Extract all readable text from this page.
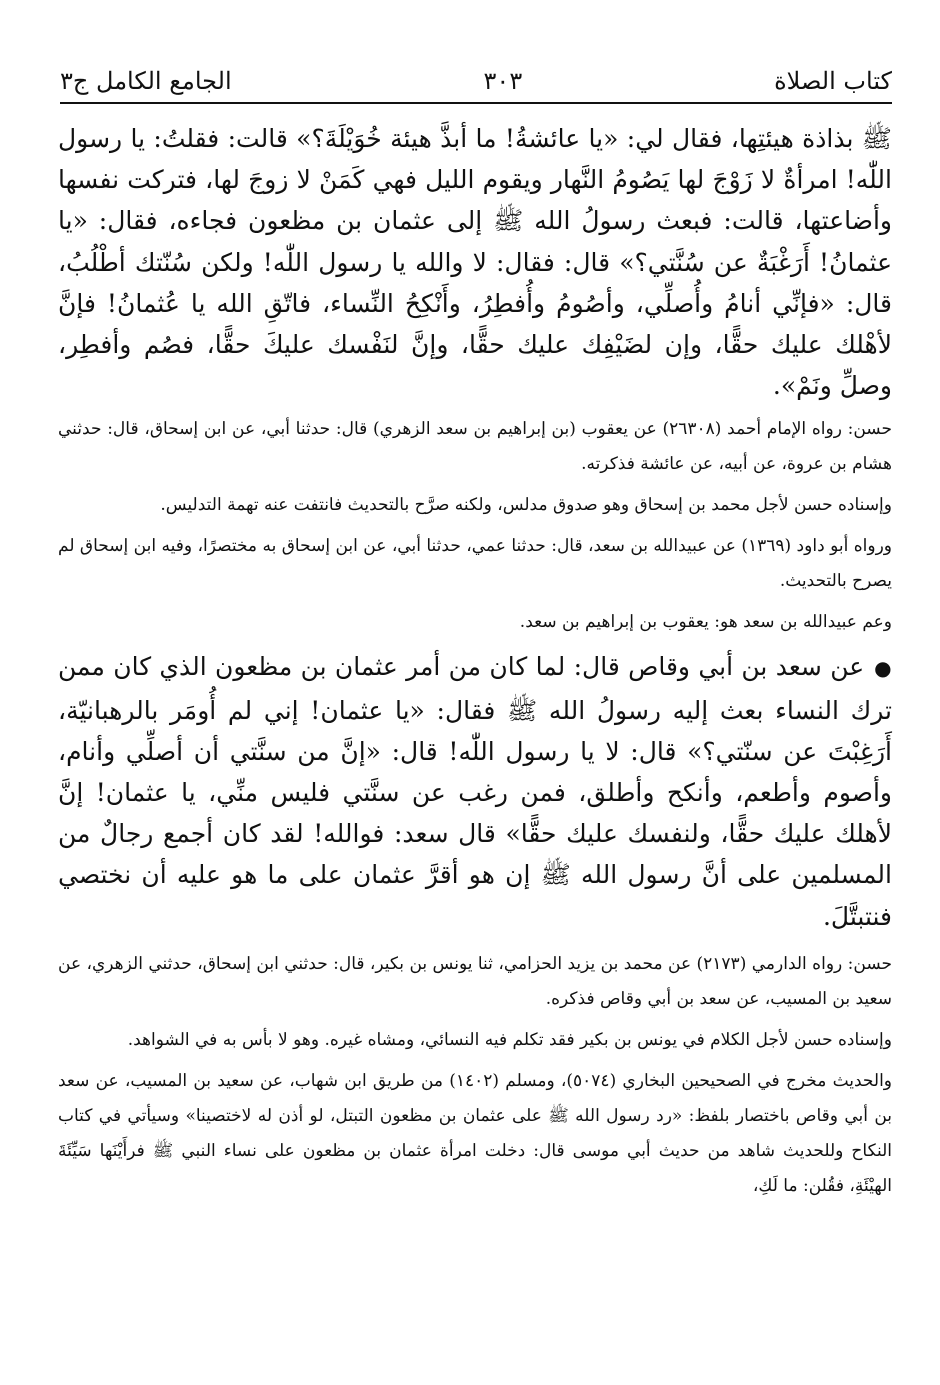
الجامع الكامل ج٣	٣٠٣	كتاب الصلاة

ﷺ بذاذة هيئتِها، فقال لي: «يا عائشةُ! ما أبذَّ هيئة خُوَيْلَةَ؟» قالت: فقلتُ: يا رسول اللّٰه! امرأةٌ لا زَوْجَ لها يَصُومُ النَّهار ويقوم الليل فهي كَمَنْ لا زوجَ لها، فتركت نفسها وأضاعتها، قالت: فبعث رسولُ الله ﷺ إلى عثمان بن مظعون فجاءه، فقال: «يا عثمانُ! أَرَغْبَةٌ عن سُنَّتي؟» قال: فقال: لا والله يا رسول اللّٰه! ولكن سُنّتك أطْلُبُ، قال: «فإنِّي أنامُ وأُصلِّي، وأصُومُ وأُفطِرُ، وأَنْكِحُ النِّساء، فاتّقِ الله يا عُثمانُ! فإنَّ لأهْلك عليك حقًّا، وإن لضَيْفِك عليك حقًّا، وإنَّ لنَفْسك عليكَ حقًّا، فصُم وأفطِر، وصلِّ ونَمْ».

حسن: رواه الإمام أحمد (٢٦٣٠٨) عن يعقوب (بن إبراهيم بن سعد الزهري) قال: حدثنا أبي، عن ابن إسحاق، قال: حدثني هشام بن عروة، عن أبيه، عن عائشة فذكرته.

وإسناده حسن لأجل محمد بن إسحاق وهو صدوق مدلس، ولكنه صرَّح بالتحديث فانتفت عنه تهمة التدليس.

ورواه أبو داود (١٣٦٩) عن عبيدالله بن سعد، قال: حدثنا عمي، حدثنا أبي، عن ابن إسحاق به مختصرًا، وفيه ابن إسحاق لم يصرح بالتحديث.

وعم عبيدالله بن سعد هو: يعقوب بن إبراهيم بن سعد.

●عن سعد بن أبي وقاص قال: لما كان من أمر عثمان بن مظعون الذي كان ممن ترك النساء بعث إليه رسولُ الله ﷺ فقال: «يا عثمان! إني لم أُومَر بالرهبانيّة، أَرَغِبْتَ عن سنّتي؟» قال: لا يا رسول اللّٰه! قال: «إنَّ من سنَّتي أن أصلِّي وأنام، وأصوم وأطعم، وأنكح وأطلق، فمن رغب عن سنَّتي فليس منِّي، يا عثمان! إنَّ لأهلك عليك حقًّا، ولنفسك عليك حقًّا» قال سعد: فوالله! لقد كان أجمع رجالٌ من المسلمين على أنَّ رسول الله ﷺ إن هو أقرَّ عثمان على ما هو عليه أن نختصي فنتبتَّلَ.

حسن: رواه الدارمي (٢١٧٣) عن محمد بن يزيد الحزامي، ثنا يونس بن بكير، قال: حدثني ابن إسحاق، حدثني الزهري، عن سعيد بن المسيب، عن سعد بن أبي وقاص فذكره.

وإسناده حسن لأجل الكلام في يونس بن بكير فقد تكلم فيه النسائي، ومشاه غيره. وهو لا بأس به في الشواهد.

والحديث مخرج في الصحيحين البخاري (٥٠٧٤)، ومسلم (١٤٠٢) من طريق ابن شهاب، عن سعيد بن المسيب، عن سعد بن أبي وقاص باختصار بلفظ: «رد رسول الله ﷺ على عثمان بن مظعون التبتل، لو أذن له لاختصينا» وسيأتي في كتاب النكاح وللحديث شاهد من حديث أبي موسى قال: دخلت امرأة عثمان بن مظعون على نساء النبي ﷺ فرأَيْنَها سَيِّئَةَ الهيْئَةِ، فقُلن: ما لَكِ،
